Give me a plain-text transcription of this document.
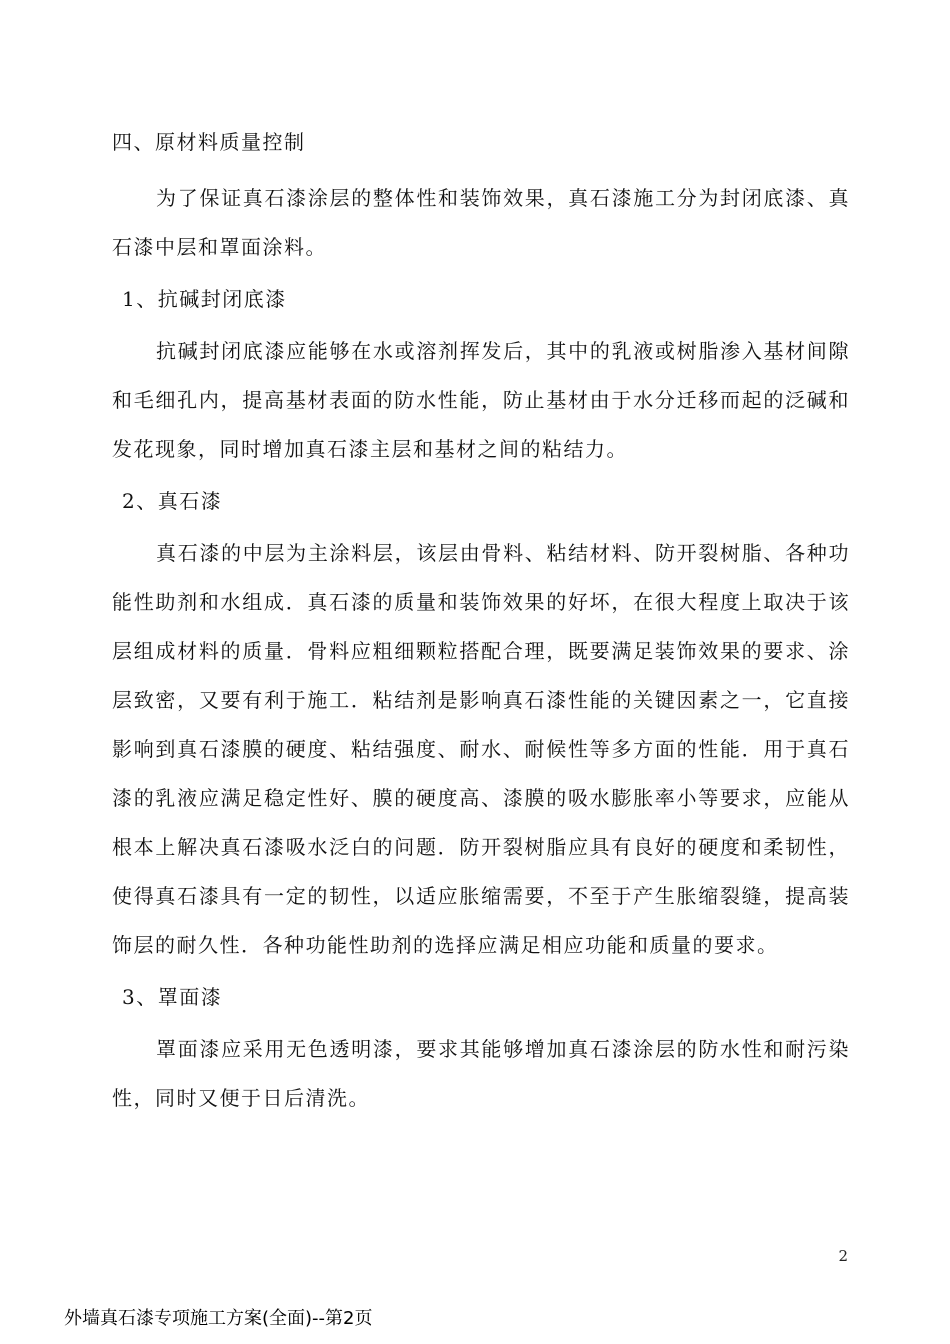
四、原材料质量控制

为了保证真石漆涂层的整体性和装饰效果，真石漆施工分为封闭底漆、真石漆中层和罩面涂料。

1、抗碱封闭底漆

抗碱封闭底漆应能够在水或溶剂挥发后，其中的乳液或树脂渗入基材间隙和毛细孔内，提高基材表面的防水性能，防止基材由于水分迁移而起的泛碱和发花现象，同时增加真石漆主层和基材之间的粘结力。

2、真石漆

真石漆的中层为主涂料层，该层由骨料、粘结材料、防开裂树脂、各种功能性助剂和水组成．真石漆的质量和装饰效果的好坏，在很大程度上取决于该层组成材料的质量．骨料应粗细颗粒搭配合理，既要满足装饰效果的要求、涂层致密，又要有利于施工．粘结剂是影响真石漆性能的关键因素之一，它直接影响到真石漆膜的硬度、粘结强度、耐水、耐候性等多方面的性能．用于真石漆的乳液应满足稳定性好、膜的硬度高、漆膜的吸水膨胀率小等要求，应能从根本上解决真石漆吸水泛白的问题．防开裂树脂应具有良好的硬度和柔韧性，使得真石漆具有一定的韧性，以适应胀缩需要，不至于产生胀缩裂缝，提高装饰层的耐久性．各种功能性助剂的选择应满足相应功能和质量的要求。

3、罩面漆

罩面漆应采用无色透明漆，要求其能够增加真石漆涂层的防水性和耐污染性，同时又便于日后清洗。

2
外墙真石漆专项施工方案(全面)--第2页
